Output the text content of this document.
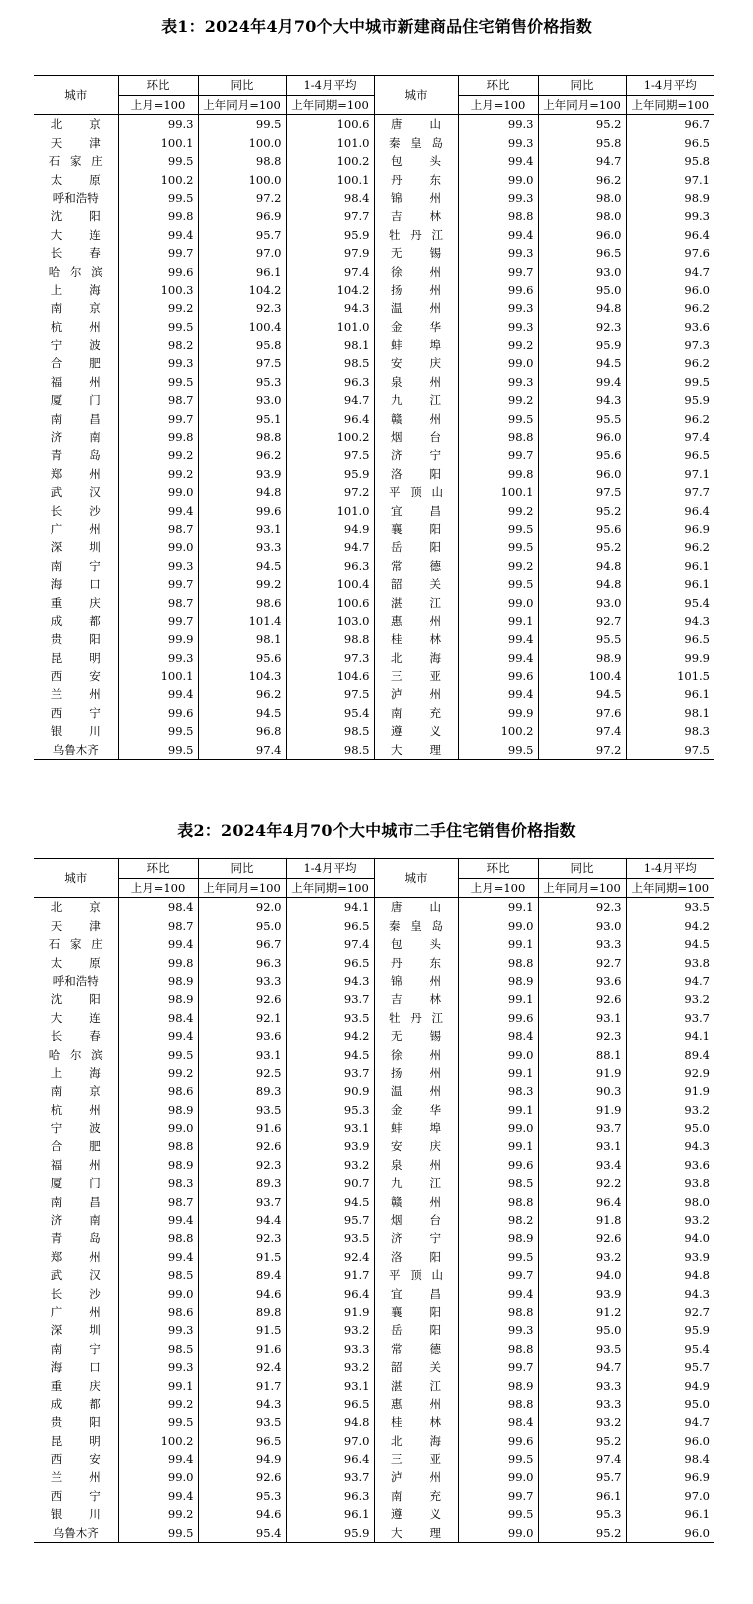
表1：2024年4月70个大中城市新建商品住宅销售价格指数
城市	环比	同比	1-4月平均	城市	环比	同比	1-4月平均
	上月=100	上年同月=100	上年同期=100		上月=100	上年同月=100	上年同期=100

北 京	99.3	99.5	100.6	唐 山	99.3	95.2	96.7

天 津	100.1	100.0	101.0	秦 皇 岛	99.3	95.8	96.5

石 家 庄	99.5	98.8	100.2	包 头	99.4	94.7	95.8

太 原	100.2	100.0	100.1	丹 东	99.0	96.2	97.1
呼和浩特	99.5	97.2	98.4	锦 州	99.3	98.0	98.9

沈 阳	99.8	96.9	97.7	吉 林	98.8	98.0	99.3

大 连	99.4	95.7	95.9	牡 丹 江	99.4	96.0	96.4

长 春	99.7	97.0	97.9	无 锡	99.3	96.5	97.6

哈 尔 滨	99.6	96.1	97.4	徐 州	99.7	93.0	94.7

上 海	100.3	104.2	104.2	扬 州	99.6	95.0	96.0

南 京	99.2	92.3	94.3	温 州	99.3	94.8	96.2

杭 州	99.5	100.4	101.0	金 华	99.3	92.3	93.6

宁 波	98.2	95.8	98.1	蚌 埠	99.2	95.9	97.3

合 肥	99.3	97.5	98.5	安 庆	99.0	94.5	96.2

福 州	99.5	95.3	96.3	泉 州	99.3	99.4	99.5

厦 门	98.7	93.0	94.7	九 江	99.2	94.3	95.9

南 昌	99.7	95.1	96.4	赣 州	99.5	95.5	96.2

济 南	99.8	98.8	100.2	烟 台	98.8	96.0	97.4

青 岛	99.2	96.2	97.5	济 宁	99.7	95.6	96.5

郑 州	99.2	93.9	95.9	洛 阳	99.8	96.0	97.1

武 汉	99.0	94.8	97.2	平 顶 山	100.1	97.5	97.7

长 沙	99.4	99.6	101.0	宜 昌	99.2	95.2	96.4

广 州	98.7	93.1	94.9	襄 阳	99.5	95.6	96.9

深 圳	99.0	93.3	94.7	岳 阳	99.5	95.2	96.2

南 宁	99.3	94.5	96.3	常 德	99.2	94.8	96.1

海 口	99.7	99.2	100.4	韶 关	99.5	94.8	96.1

重 庆	98.7	98.6	100.6	湛 江	99.0	93.0	95.4

成 都	99.7	101.4	103.0	惠 州	99.1	92.7	94.3

贵 阳	99.9	98.1	98.8	桂 林	99.4	95.5	96.5

昆 明	99.3	95.6	97.3	北 海	99.4	98.9	99.9

西 安	100.1	104.3	104.6	三 亚	99.6	100.4	101.5

兰 州	99.4	96.2	97.5	泸 州	99.4	94.5	96.1

西 宁	99.6	94.5	95.4	南 充	99.9	97.6	98.1

银 川	99.5	96.8	98.5	遵 义	100.2	97.4	98.3
乌鲁木齐	99.5	97.4	98.5	大 理	99.5	97.2	97.5
表2：2024年4月70个大中城市二手住宅销售价格指数
城市	环比	同比	1-4月平均	城市	环比	同比	1-4月平均
	上月=100	上年同月=100	上年同期=100		上月=100	上年同月=100	上年同期=100

北 京	98.4	92.0	94.1	唐 山	99.1	92.3	93.5

天 津	98.7	95.0	96.5	秦 皇 岛	99.0	93.0	94.2

石 家 庄	99.4	96.7	97.4	包 头	99.1	93.3	94.5

太 原	99.8	96.3	96.5	丹 东	98.8	92.7	93.8
呼和浩特	98.9	93.3	94.3	锦 州	98.9	93.6	94.7

沈 阳	98.9	92.6	93.7	吉 林	99.1	92.6	93.2

大 连	98.4	92.1	93.5	牡 丹 江	99.6	93.1	93.7

长 春	99.4	93.6	94.2	无 锡	98.4	92.3	94.1

哈 尔 滨	99.5	93.1	94.5	徐 州	99.0	88.1	89.4

上 海	99.2	92.5	93.7	扬 州	99.1	91.9	92.9

南 京	98.6	89.3	90.9	温 州	98.3	90.3	91.9

杭 州	98.9	93.5	95.3	金 华	99.1	91.9	93.2

宁 波	99.0	91.6	93.1	蚌 埠	99.0	93.7	95.0

合 肥	98.8	92.6	93.9	安 庆	99.1	93.1	94.3

福 州	98.9	92.3	93.2	泉 州	99.6	93.4	93.6

厦 门	98.3	89.3	90.7	九 江	98.5	92.2	93.8

南 昌	98.7	93.7	94.5	赣 州	98.8	96.4	98.0

济 南	99.4	94.4	95.7	烟 台	98.2	91.8	93.2

青 岛	98.8	92.3	93.5	济 宁	98.9	92.6	94.0

郑 州	99.4	91.5	92.4	洛 阳	99.5	93.2	93.9

武 汉	98.5	89.4	91.7	平 顶 山	99.7	94.0	94.8

长 沙	99.0	94.6	96.4	宜 昌	99.4	93.9	94.3

广 州	98.6	89.8	91.9	襄 阳	98.8	91.2	92.7

深 圳	99.3	91.5	93.2	岳 阳	99.3	95.0	95.9

南 宁	98.5	91.6	93.3	常 德	98.8	93.5	95.4

海 口	99.3	92.4	93.2	韶 关	99.7	94.7	95.7

重 庆	99.1	91.7	93.1	湛 江	98.9	93.3	94.9

成 都	99.2	94.3	96.5	惠 州	98.8	93.3	95.0

贵 阳	99.5	93.5	94.8	桂 林	98.4	93.2	94.7

昆 明	100.2	96.5	97.0	北 海	99.6	95.2	96.0

西 安	99.4	94.9	96.4	三 亚	99.5	97.4	98.4

兰 州	99.0	92.6	93.7	泸 州	99.0	95.7	96.9

西 宁	99.4	95.3	96.3	南 充	99.7	96.1	97.0

银 川	99.2	94.6	96.1	遵 义	99.5	95.3	96.1
乌鲁木齐	99.5	95.4	95.9	大 理	99.0	95.2	96.0
